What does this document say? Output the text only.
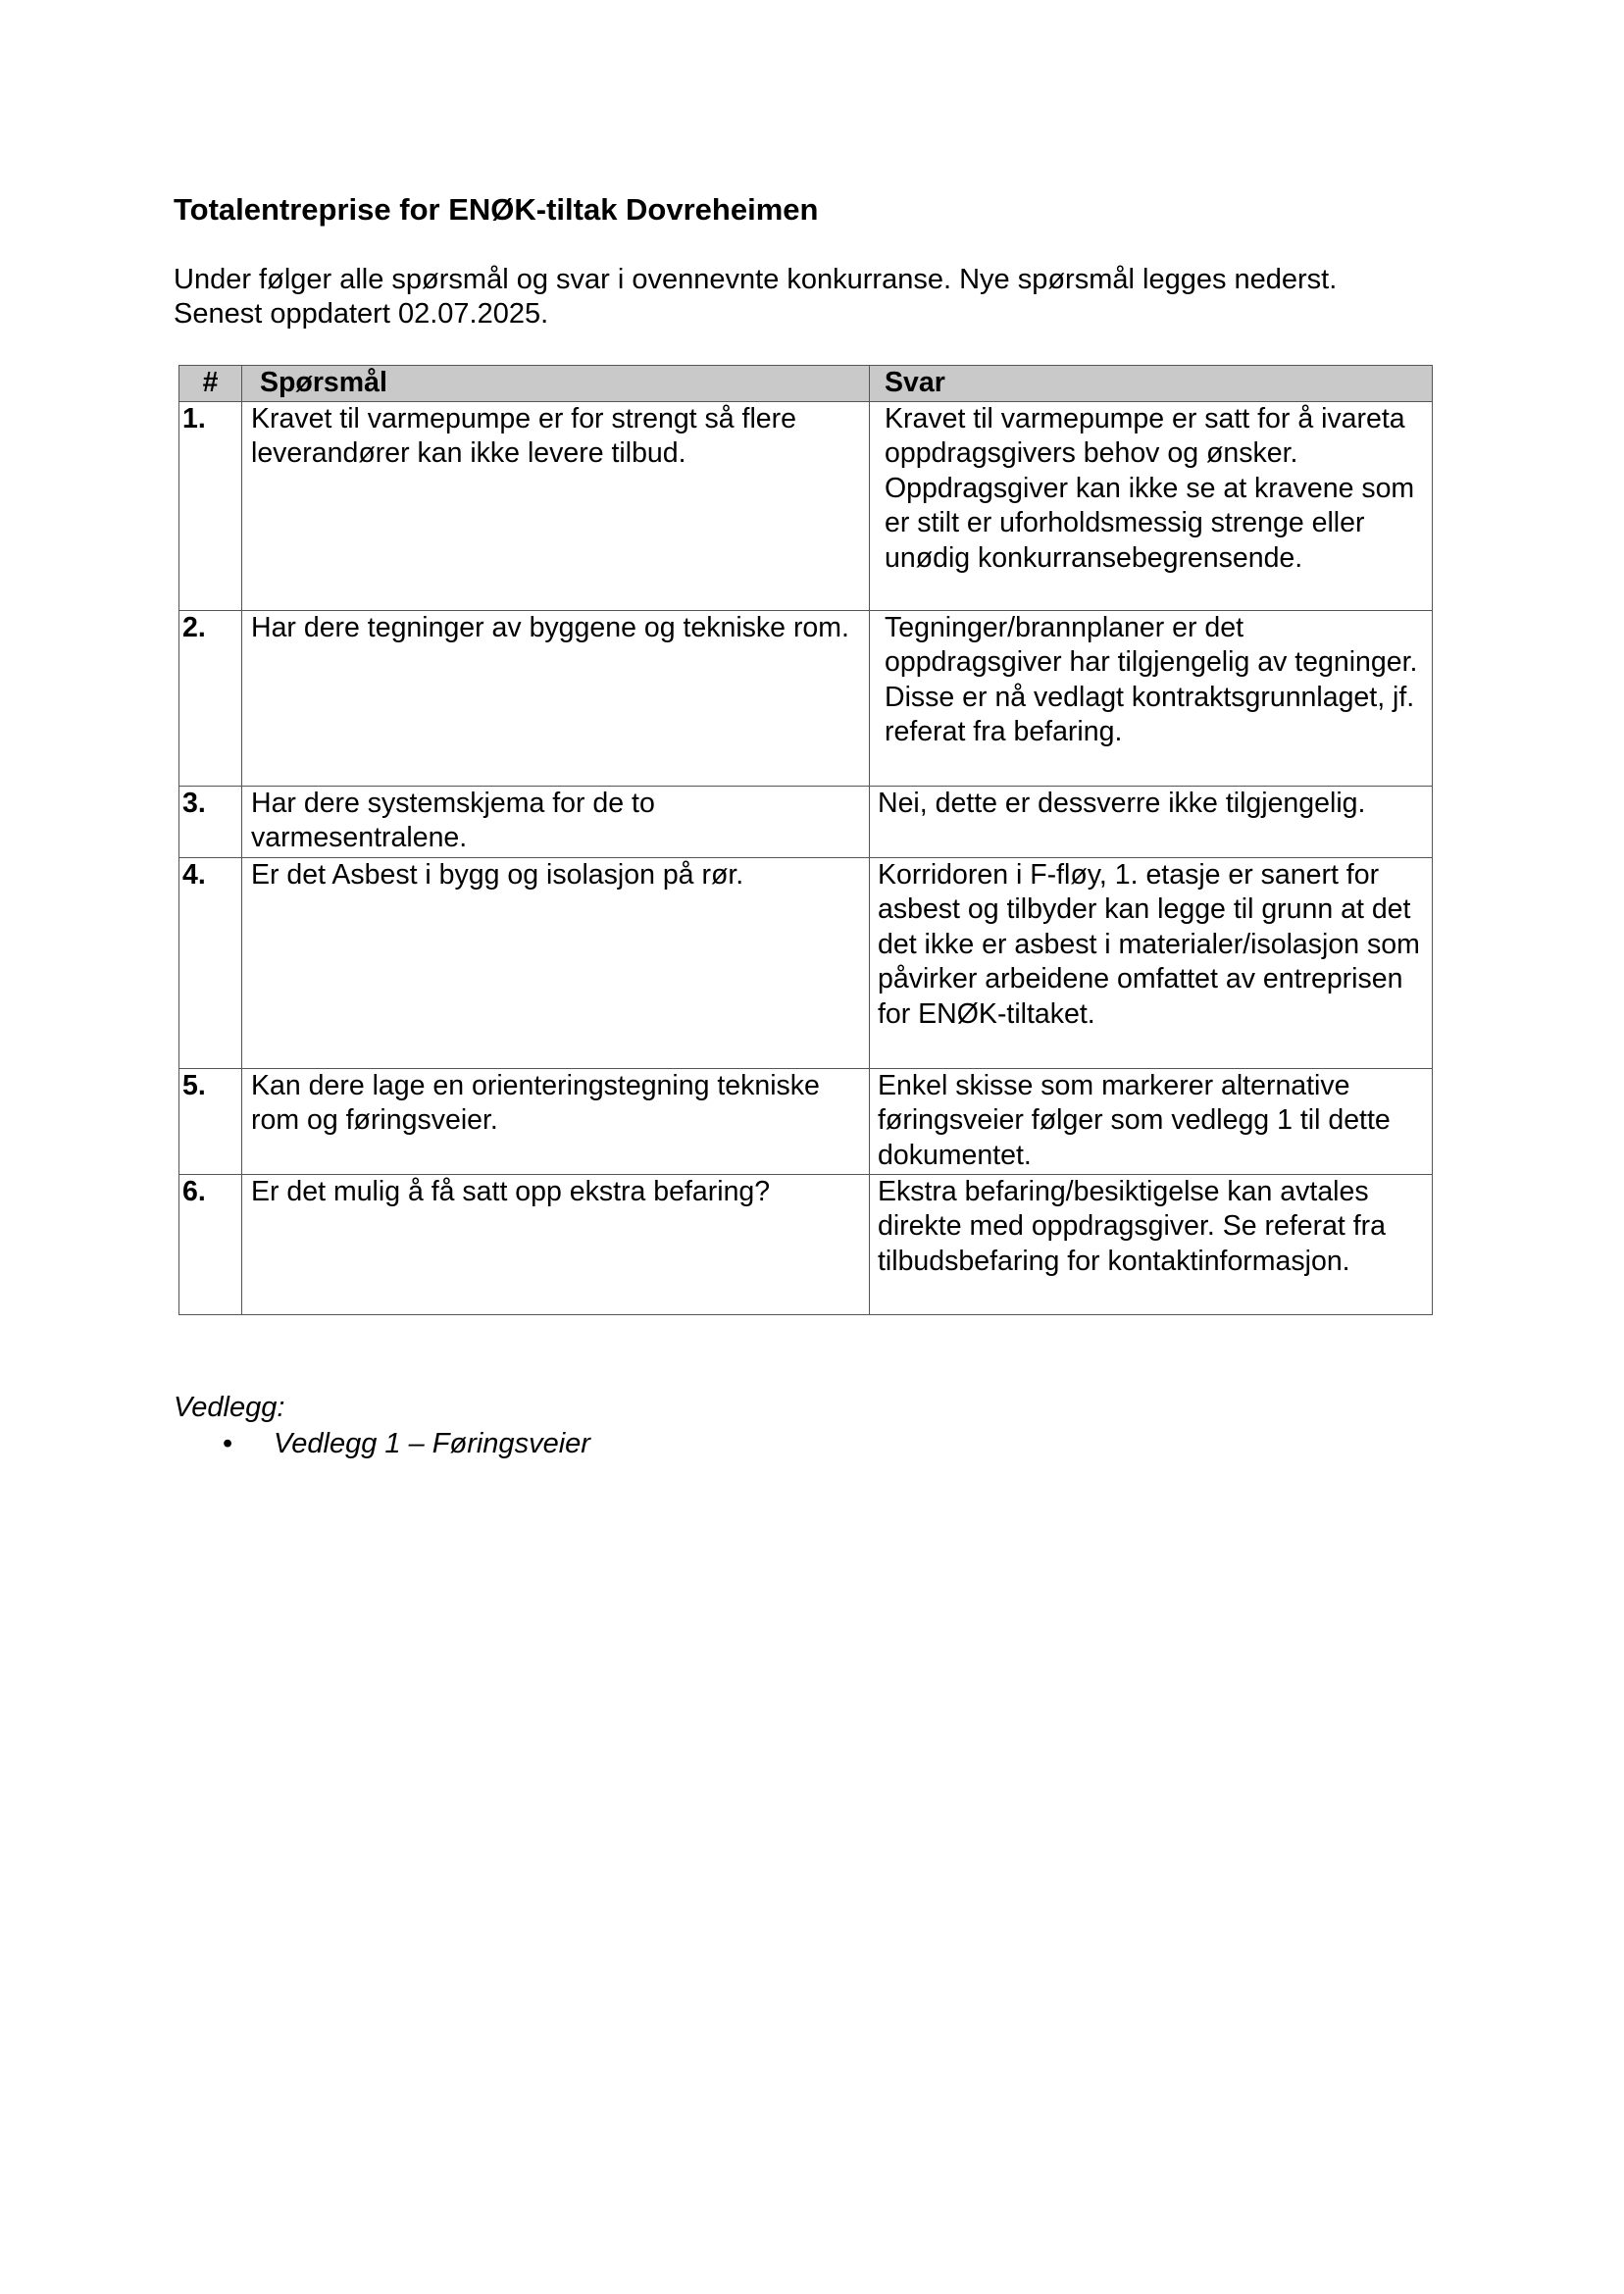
Totalentreprise for ENØK-tiltak Dovreheimen

Under følger alle spørsmål og svar i ovennevnte konkurranse. Nye spørsmål legges nederst.
Senest oppdatert 02.07.2025.

#	Spørsmål	Svar
1.	Kravet til varmepumpe er for strengt så flere leverandører kan ikke levere tilbud.	Kravet til varmepumpe er satt for å ivareta oppdragsgivers behov og ønsker. Oppdragsgiver kan ikke se at kravene som er stilt er uforholdsmessig strenge eller unødig konkurransebegrensende.
2.	Har dere tegninger av byggene og tekniske rom.	Tegninger/brannplaner er det oppdragsgiver har tilgjengelig av tegninger. Disse er nå vedlagt kontraktsgrunnlaget, jf. referat fra befaring.
3.	Har dere systemskjema for de to varmesentralene.	Nei, dette er dessverre ikke tilgjengelig.
4.	Er det Asbest i bygg og isolasjon på rør.	Korridoren i F-fløy, 1. etasje er sanert for asbest og tilbyder kan legge til grunn at det det ikke er asbest i materialer/isolasjon som påvirker arbeidene omfattet av entreprisen for ENØK-tiltaket.
5.	Kan dere lage en orienteringstegning tekniske rom og føringsveier.	Enkel skisse som markerer alternative føringsveier følger som vedlegg 1 til dette dokumentet.
6.	Er det mulig å få satt opp ekstra befaring?	Ekstra befaring/besiktigelse kan avtales direkte med oppdragsgiver. Se referat fra tilbudsbefaring for kontaktinformasjon.

Vedlegg:

• Vedlegg 1 – Føringsveier
